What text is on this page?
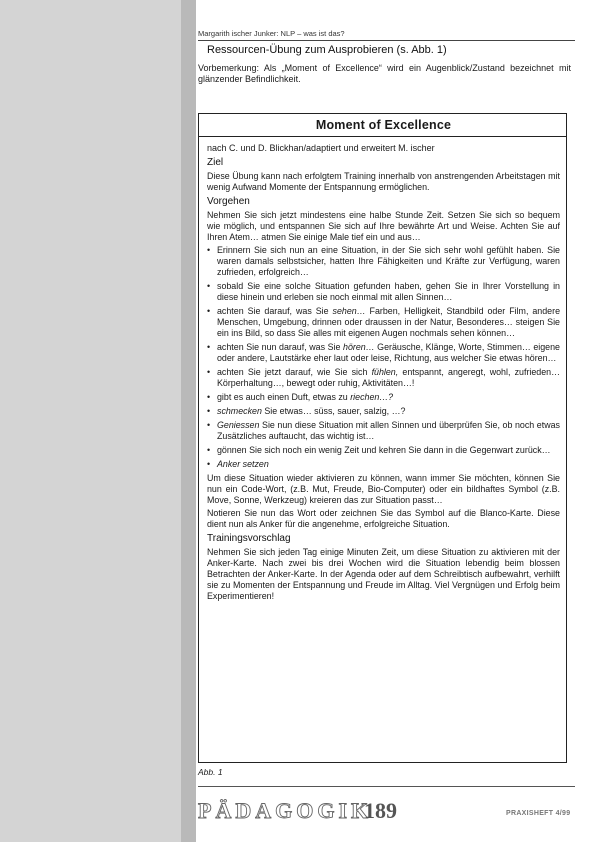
Margarith ischer Junker: NLP – was ist das?
Ressourcen-Übung zum Ausprobieren (s. Abb. 1)
Vorbemerkung: Als „Moment of Excellence“ wird ein Augenblick/Zustand bezeichnet mit glänzender Befindlichkeit.
Moment of Excellence
nach C. und D. Blickhan/adaptiert und erweitert M. ischer
Ziel

Diese Übung kann nach erfolgtem Training innerhalb von anstrengenden Arbeitstagen mit wenig Aufwand Momente der Entspannung ermöglichen.

Vorgehen

Nehmen Sie sich jetzt mindestens eine halbe Stunde Zeit. Setzen Sie sich so bequem wie möglich, und entspannen Sie sich auf Ihre bewährte Art und Weise. Achten Sie auf Ihren Atem… atmen Sie einige Male tief ein und aus…

• Erinnern Sie sich nun an eine Situation, in der Sie sich sehr wohl gefühlt haben. Sie waren damals selbstsicher, hatten Ihre Fähigkeiten und Kräfte zur Verfügung, waren zufrieden, erfolgreich…
• sobald Sie eine solche Situation gefunden haben, gehen Sie in Ihrer Vorstellung in diese hinein und erleben sie noch einmal mit allen Sinnen…
• achten Sie darauf, was Sie sehen… Farben, Helligkeit, Standbild oder Film, andere Menschen, Umgebung, drinnen oder draussen in der Natur, Besonderes… steigen Sie ein ins Bild, so dass Sie alles mit eigenen Augen nochmals sehen können…
• achten Sie nun darauf, was Sie hören… Geräusche, Klänge, Worte, Stimmen… eigene oder andere, Lautstärke eher laut oder leise, Richtung, aus welcher Sie etwas hören…
• achten Sie jetzt darauf, wie Sie sich fühlen, entspannt, angeregt, wohl, zufrieden… Körperhaltung…, bewegt oder ruhig, Aktivitäten…!
• gibt es auch einen Duft, etwas zu riechen…?
• schmecken Sie etwas… süss, sauer, salzig, …?
• Geniessen Sie nun diese Situation mit allen Sinnen und überprüfen Sie, ob noch etwas Zusätzliches auftaucht, das wichtig ist…
• gönnen Sie sich noch ein wenig Zeit und kehren Sie dann in die Gegenwart zurück…
• Anker setzen

Um diese Situation wieder aktivieren zu können, wann immer Sie möchten, können Sie nun ein Code-Wort, (z.B. Mut, Freude, Bio-Computer) oder ein bildhaftes Symbol (z.B. Move, Sonne, Werkzeug) kreieren das zur Situation passt…

Notieren Sie nun das Wort oder zeichnen Sie das Symbol auf die Blanco-Karte. Diese dient nun als Anker für die angenehme, erfolgreiche Situation.

Trainingsvorschlag

Nehmen Sie sich jeden Tag einige Minuten Zeit, um diese Situation zu aktivieren mit der Anker-Karte. Nach zwei bis drei Wochen wird die Situation lebendig beim blossen Betrachten der Anker-Karte. In der Agenda oder auf dem Schreibtisch aufbewahrt, verhilft sie zu Momenten der Entspannung und Freude im Alltag. Viel Vergnügen und Erfolg beim Experimentieren!

Abb. 1
PÄDAGOGIK
189	PRAXISHEFT 4/99
